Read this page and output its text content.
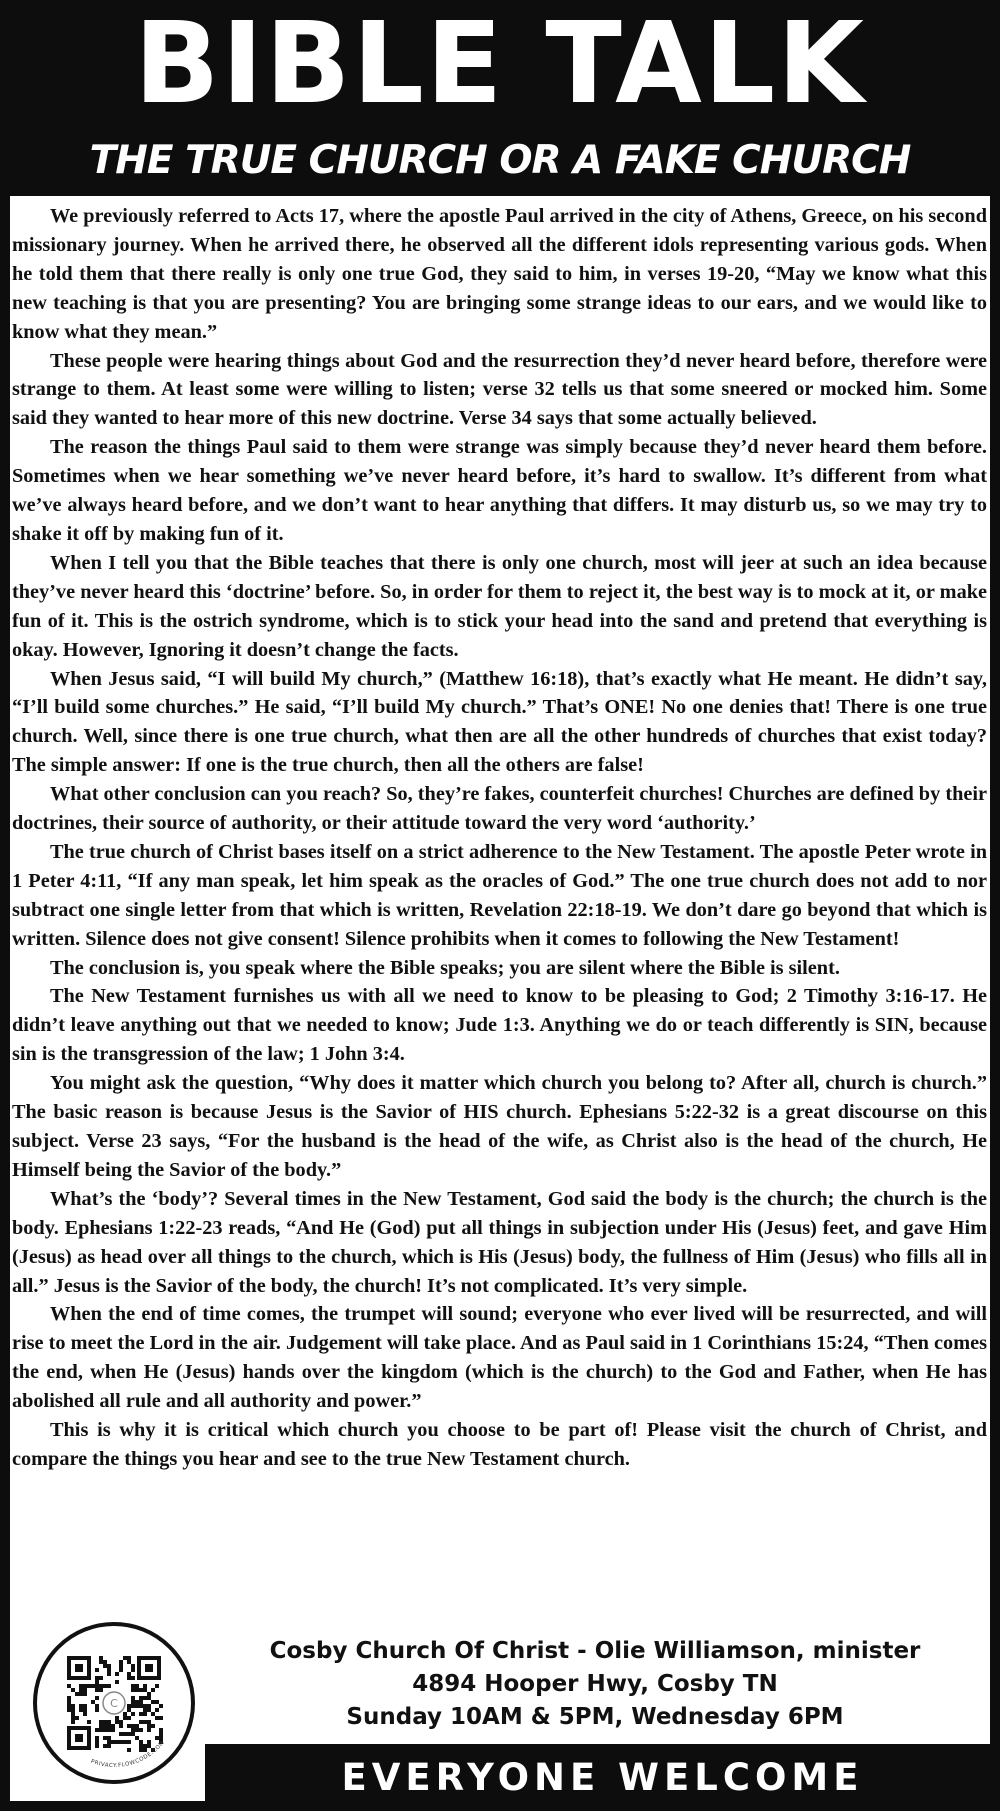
BIBLE TALK
THE TRUE CHURCH OR A FAKE CHURCH

We previously referred to Acts 17, where the apostle Paul arrived in the city of Athens, Greece, on his second missionary journey. When he arrived there, he observed all the different idols representing various gods. When he told them that there really is only one true God, they said to him, in verses 19-20, “May we know what this new teaching is that you are presenting? You are bringing some strange ideas to our ears, and we would like to know what they mean.”

These people were hearing things about God and the resurrection they’d never heard before, therefore were strange to them. At least some were willing to listen; verse 32 tells us that some sneered or mocked him. Some said they wanted to hear more of this new doctrine. Verse 34 says that some actually believed.

The reason the things Paul said to them were strange was simply because they’d never heard them before. Sometimes when we hear something we’ve never heard before, it’s hard to swallow. It’s different from what we’ve always heard before, and we don’t want to hear anything that differs. It may disturb us, so we may try to shake it off by making fun of it.

When I tell you that the Bible teaches that there is only one church, most will jeer at such an idea because they’ve never heard this ‘doctrine’ before. So, in order for them to reject it, the best way is to mock at it, or make fun of it. This is the ostrich syndrome, which is to stick your head into the sand and pretend that everything is okay. However, Ignoring it doesn’t change the facts.

When Jesus said, “I will build My church,” (Matthew 16:18), that’s exactly what He meant. He didn’t say, “I’ll build some churches.” He said, “I’ll build My church.” That’s ONE! No one denies that! There is one true church. Well, since there is one true church, what then are all the other hundreds of churches that exist today? The simple answer: If one is the true church, then all the others are false!

What other conclusion can you reach? So, they’re fakes, counterfeit churches! Churches are defined by their doctrines, their source of authority, or their attitude toward the very word ‘authority.’

The true church of Christ bases itself on a strict adherence to the New Testament. The apostle Peter wrote in 1 Peter 4:11, “If any man speak, let him speak as the oracles of God.” The one true church does not add to nor subtract one single letter from that which is written, Revelation 22:18-19. We don’t dare go beyond that which is written. Silence does not give consent! Silence prohibits when it comes to following the New Testament!

The conclusion is, you speak where the Bible speaks; you are silent where the Bible is silent.

The New Testament furnishes us with all we need to know to be pleasing to God; 2 Timothy 3:16-17. He didn’t leave anything out that we needed to know; Jude 1:3. Anything we do or teach differently is SIN, because sin is the transgression of the law; 1 John 3:4.

You might ask the question, “Why does it matter which church you belong to? After all, church is church.” The basic reason is because Jesus is the Savior of HIS church. Ephesians 5:22-32 is a great discourse on this subject. Verse 23 says, “For the husband is the head of the wife, as Christ also is the head of the church, He Himself being the Savior of the body.”

What’s the ‘body’? Several times in the New Testament, God said the body is the church; the church is the body. Ephesians 1:22-23 reads, “And He (God) put all things in subjection under His (Jesus) feet, and gave Him (Jesus) as head over all things to the church, which is His (Jesus) body, the fullness of Him (Jesus) who fills all in all.” Jesus is the Savior of the body, the church! It’s not complicated. It’s very simple.

When the end of time comes, the trumpet will sound; everyone who ever lived will be resurrected, and will rise to meet the Lord in the air. Judgement will take place. And as Paul said in 1 Corinthians 15:24, “Then comes the end, when He (Jesus) hands over the kingdom (which is the church) to the God and Father, when He has abolished all rule and all authority and power.”

This is why it is critical which church you choose to be part of! Please visit the church of Christ, and compare the things you hear and see to the true New Testament church.

C
PRIVACY.FLOWCODE.COM

Cosby Church Of Christ - Olie Williamson, minister

4894 Hooper Hwy, Cosby TN

Sunday 10AM & 5PM, Wednesday 6PM

EVERYONE WELCOME
